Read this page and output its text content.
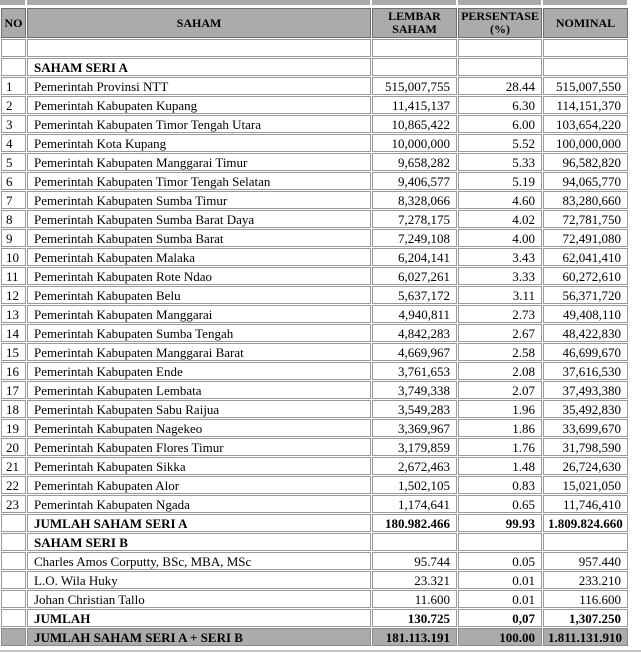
NO	SAHAM	LEMBAR SAHAM	PERSENTASE (%)	NOMINAL

	SAHAM SERI A			
1	Pemerintah Provinsi NTT	515,007,755	28.44	515,007,550
2	Pemerintah Kabupaten Kupang	11,415,137	6.30	114,151,370
3	Pemerintah Kabupaten Timor Tengah Utara	10,865,422	6.00	103,654,220
4	Pemerintah Kota Kupang	10,000,000	5.52	100,000,000
5	Pemerintah Kabupaten Manggarai Timur	9,658,282	5.33	96,582,820
6	Pemerintah Kabupaten Timor Tengah Selatan	9,406,577	5.19	94,065,770
7	Pemerintah Kabupaten Sumba Timur	8,328,066	4.60	83,280,660
8	Pemerintah Kabupaten Sumba Barat Daya	7,278,175	4.02	72,781,750
9	Pemerintah Kabupaten Sumba Barat	7,249,108	4.00	72,491,080
10	Pemerintah Kabupaten Malaka	6,204,141	3.43	62,041,410
11	Pemerintah Kabupaten Rote Ndao	6,027,261	3.33	60,272,610
12	Pemerintah Kabupaten Belu	5,637,172	3.11	56,371,720
13	Pemerintah Kabupaten Manggarai	4,940,811	2.73	49,408,110
14	Pemerintah Kabupaten Sumba Tengah	4,842,283	2.67	48,422,830
15	Pemerintah Kabupaten Manggarai Barat	4,669,967	2.58	46,699,670
16	Pemerintah Kabupaten Ende	3,761,653	2.08	37,616,530
17	Pemerintah Kabupaten Lembata	3,749,338	2.07	37,493,380
18	Pemerintah Kabupaten Sabu Raijua	3,549,283	1.96	35,492,830
19	Pemerintah Kabupaten Nagekeo	3,369,967	1.86	33,699,670
20	Pemerintah Kabupaten Flores Timur	3,179,859	1.76	31,798,590
21	Pemerintah Kabupaten Sikka	2,672,463	1.48	26,724,630
22	Pemerintah Kabupaten Alor	1,502,105	0.83	15,021,050
23	Pemerintah Kabupaten Ngada	1,174,641	0.65	11,746,410
	JUMLAH SAHAM SERI A	180.982.466	99.93	1.809.824.660
	SAHAM SERI B			
	Charles Amos Corputty, BSc, MBA, MSc	95.744	0.05	957.440
	L.O. Wila Huky	23.321	0.01	233.210
	Johan Christian Tallo	11.600	0.01	116.600
	JUMLAH	130.725	0,07	1,307.250
	JUMLAH SAHAM SERI A + SERI B	181.113.191	100.00	1.811.131.910
